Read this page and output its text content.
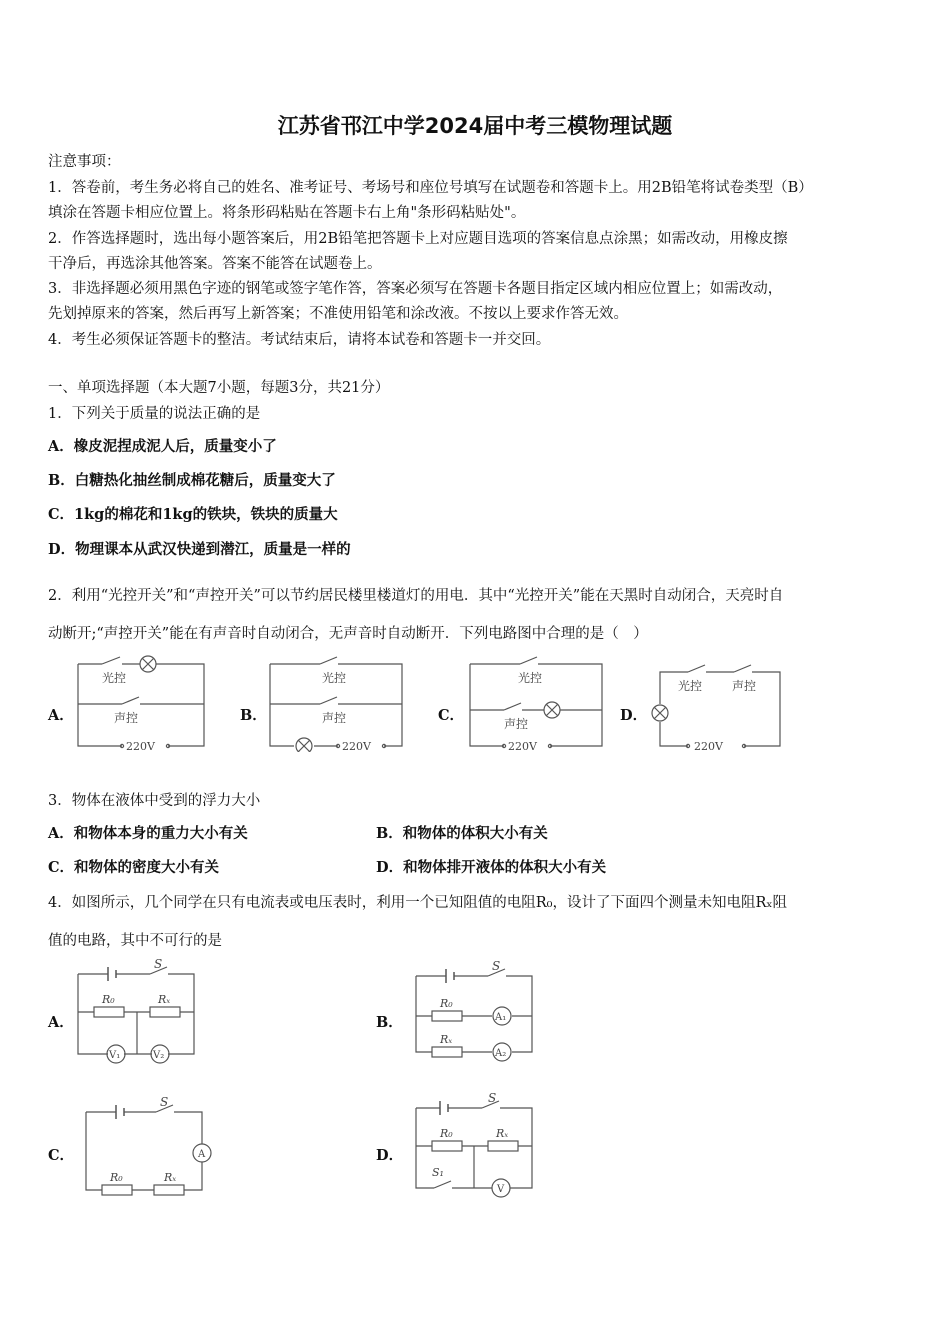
江苏省邗江中学2024届中考三模物理试题
注意事项：
1．答卷前，考生务必将自己的姓名、准考证号、考场号和座位号填写在试题卷和答题卡上。用2B铅笔将试卷类型（B）
填涂在答题卡相应位置上。将条形码粘贴在答题卡右上角"条形码粘贴处"。
2．作答选择题时，选出每小题答案后，用2B铅笔把答题卡上对应题目选项的答案信息点涂黑；如需改动，用橡皮擦
干净后，再选涂其他答案。答案不能答在试题卷上。
3．非选择题必须用黑色字迹的钢笔或签字笔作答，答案必须写在答题卡各题目指定区域内相应位置上；如需改动，
先划掉原来的答案，然后再写上新答案；不准使用铅笔和涂改液。不按以上要求作答无效。
4．考生必须保证答题卡的整洁。考试结束后，请将本试卷和答题卡一并交回。
一、单项选择题（本大题7小题，每题3分，共21分）
1．下列关于质量的说法正确的是
A．橡皮泥捏成泥人后，质量变小了
B．白糖热化抽丝制成棉花糖后，质量变大了
C．1kg的棉花和1kg的铁块，铁块的质量大
D．物理课本从武汉快递到潜江，质量是一样的
2．利用“光控开关”和“声控开关”可以节约居民楼里楼道灯的用电．其中“光控开关”能在天黑时自动闭合，天亮时自
动断开;“声控开关”能在有声音时自动闭合，无声音时自动断开．下列电路图中合理的是（　）
A．	B．	C．	D．
光控
声控
220V
光控
声控
220V
光控
声控
220V
光控 声控
220V
3．物体在液体中受到的浮力大小
A．和物体本身的重力大小有关	B．和物体的体积大小有关
C．和物体的密度大小有关	D．和物体排开液体的体积大小有关
4．如图所示，几个同学在只有电流表或电压表时，利用一个已知阻值的电阻R₀，设计了下面四个测量未知电阻Rₓ阻
值的电路，其中不可行的是
A．	B．
C．	D．
S
R₀	Rₓ
V₁	V₂
S
R₀
Rₓ
A₁
A₂
S
A
R₀	Rₓ
S
R₀	Rₓ
S₁
V
